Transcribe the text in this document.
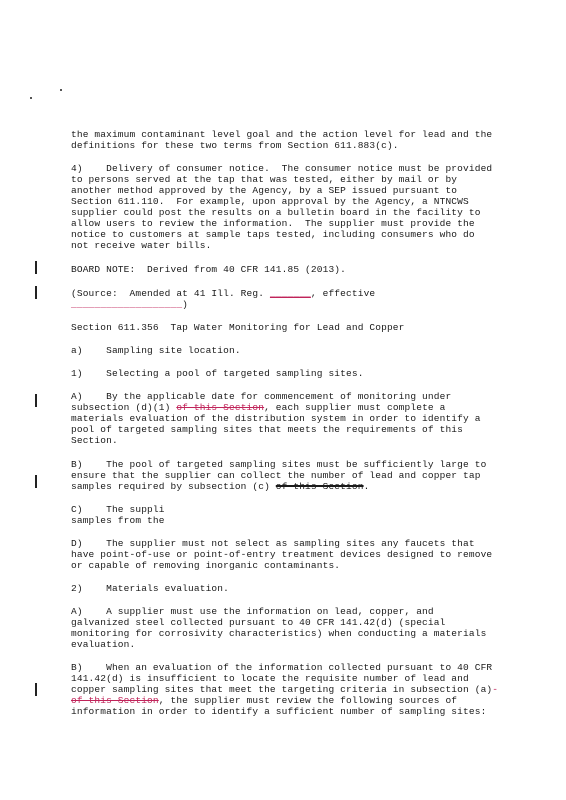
the maximum contaminant level goal and the action level for lead and the
definitions for these two terms from Section 611.883(c).
4)    Delivery of consumer notice.  The consumer notice must be provided
to persons served at the tap that was tested, either by mail or by
another method approved by the Agency, by a SEP issued pursuant to
Section 611.110.  For example, upon approval by the Agency, a NTNCWS
supplier could post the results on a bulletin board in the facility to
allow users to review the information.  The supplier must provide the
notice to customers at sample taps tested, including consumers who do
not receive water bills.
BOARD NOTE:  Derived from 40 CFR 141.85 (2013).
(Source:  Amended at 41 Ill. Reg. _______, effective
___________________)
Section 611.356  Tap Water Monitoring for Lead and Copper
a)    Sampling site location.
1)    Selecting a pool of targeted sampling sites.
A)    By the applicable date for commencement of monitoring under
subsection (d)(1) of this Section, each supplier must complete a
materials evaluation of the distribution system in order to identify a
pool of targeted sampling sites that meets the requirements of this
Section.
B)    The pool of targeted sampling sites must be sufficiently large to
ensure that the supplier can collect the number of lead and copper tap
samples required by subsection (c) of this Section.
C)    The suppli
samples from the
D)    The supplier must not select as sampling sites any faucets that
have point-of-use or point-of-entry treatment devices designed to remove
or capable of removing inorganic contaminants.
2)    Materials evaluation.
A)    A supplier must use the information on lead, copper, and
galvanized steel collected pursuant to 40 CFR 141.42(d) (special
monitoring for corrosivity characteristics) when conducting a materials
evaluation.
B)    When an evaluation of the information collected pursuant to 40 CFR
141.42(d) is insufficient to locate the requisite number of lead and
copper sampling sites that meet the targeting criteria in subsection (a)-
of this Section, the supplier must review the following sources of
information in order to identify a sufficient number of sampling sites:
